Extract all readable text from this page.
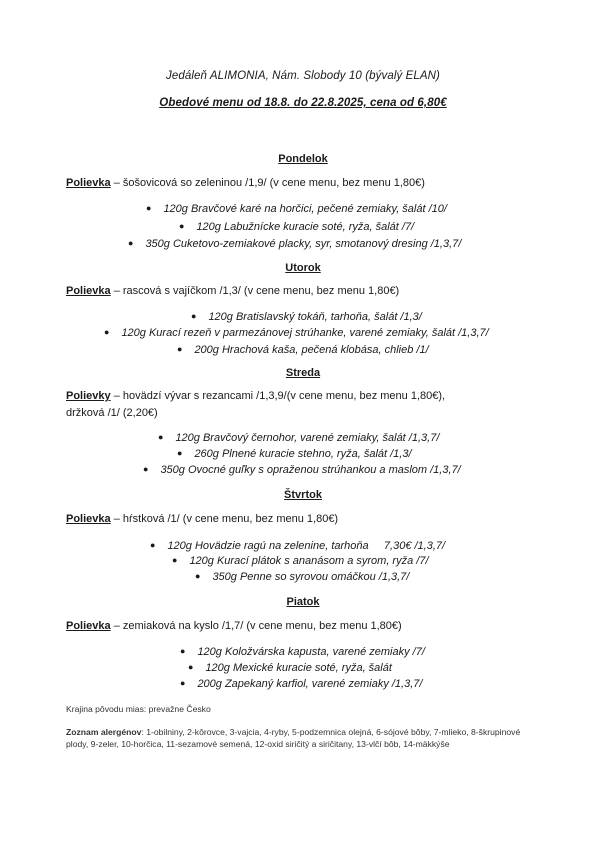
Jedáleň ALIMONIA, Nám. Slobody 10 (bývalý ELAN)
Obedové menu od 18.8. do 22.8.2025, cena od 6,80€
Pondelok
Polievka – šošovicová so zeleninou /1,9/ (v cene menu, bez menu 1,80€)
● 120g Bravčové karé na horčici, pečené zemiaky, šalát /10/
● 120g Labužnícke kuracie soté, ryža, šalát /7/
● 350g Cuketovo-zemiakové placky, syr, smotanový dresing /1,3,7/
Utorok
Polievka – rascová s vajíčkom /1,3/ (v cene menu, bez menu 1,80€)
● 120g Bratislavský tokáň, tarhoňa, šalát /1,3/
● 120g Kurací rezeň v parmezánovej strúhanke, varené zemiaky, šalát /1,3,7/
● 200g Hrachová kaša, pečená klobása, chlieb /1/
Streda
Polievky – hovädzí vývar s rezancami /1,3,9/(v cene menu, bez menu 1,80€), držková /1/ (2,20€)
● 120g Bravčový černohor, varené zemiaky, šalát /1,3,7/
● 260g Plnené kuracie stehno, ryža, šalát /1,3/
● 350g Ovocné guľky s opraženou strúhankou a maslom /1,3,7/
Štvrtok
Polievka – hŕstková /1/ (v cene menu, bez menu 1,80€)
● 120g Hovädzie ragú na zelenine, tarhoňa     7,30€ /1,3,7/
● 120g Kurací plátok s ananásom a syrom, ryža /7/
● 350g Penne so syrovou omáčkou /1,3,7/
Piatok
Polievka – zemiaková na kyslo /1,7/ (v cene menu, bez menu 1,80€)
● 120g Koložvárska kapusta, varené zemiaky /7/
● 120g Mexické kuracie soté, ryža, šalát
● 200g Zapekaný karfiol, varené zemiaky /1,3,7/
Krajina pôvodu mias: prevažne Česko
Zoznam alergénov: 1-obilniny, 2-kôrovce, 3-vajcia, 4-ryby, 5-podzemnica olejná, 6-sójové bôby, 7-mlieko, 8-škrupinové plody, 9-zeler, 10-horčica, 11-sezamové semená, 12-oxid siričitý a siričitany, 13-vlčí bôb, 14-mäkkýše
